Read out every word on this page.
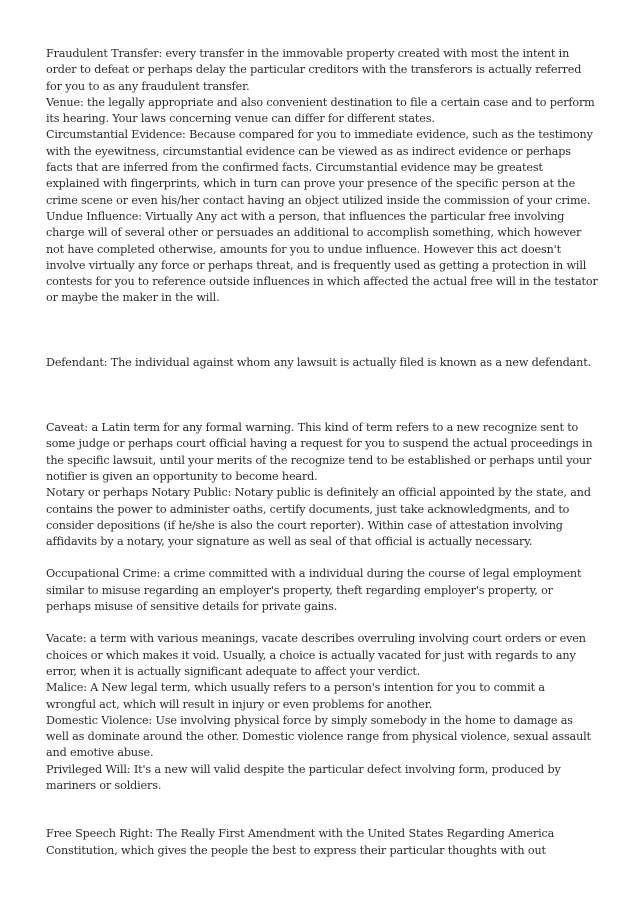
Fraudulent Transfer: every transfer in the immovable property created with most the intent in order to defeat or perhaps delay the particular creditors with the transferors is actually referred for you to as any fraudulent transfer.

Venue: the legally appropriate and also convenient destination to file a certain case and to perform its hearing. Your laws concerning venue can differ for different states.

Circumstantial Evidence: Because compared for you to immediate evidence, such as the testimony with the eyewitness, circumstantial evidence can be viewed as as indirect evidence or perhaps facts that are inferred from the confirmed facts. Circumstantial evidence may be greatest explained with fingerprints, which in turn can prove your presence of the specific person at the crime scene or even his/her contact having an object utilized inside the commission of your crime.

Undue Influence: Virtually Any act with a person, that influences the particular free involving charge will of several other or persuades an additional to accomplish something, which however not have completed otherwise, amounts for you to undue influence. However this act doesn't involve virtually any force or perhaps threat, and is frequently used as getting a protection in will contests for you to reference outside influences in which affected the actual free will in the testator or maybe the maker in the will.

Defendant: The individual against whom any lawsuit is actually filed is known as a new defendant.

Caveat: a Latin term for any formal warning. This kind of term refers to a new recognize sent to some judge or perhaps court official having a request for you to suspend the actual proceedings in the specific lawsuit, until your merits of the recognize tend to be established or perhaps until your notifier is given an opportunity to become heard.

Notary or perhaps Notary Public: Notary public is definitely an official appointed by the state, and contains the power to administer oaths, certify documents, just take acknowledgments, and to consider depositions (if he/she is also the court reporter). Within case of attestation involving affidavits by a notary, your signature as well as seal of that official is actually necessary.

Occupational Crime: a crime committed with a individual during the course of legal employment similar to misuse regarding an employer's property, theft regarding employer's property, or perhaps misuse of sensitive details for private gains.

Vacate: a term with various meanings, vacate describes overruling involving court orders or even choices or which makes it void. Usually, a choice is actually vacated for just with regards to any error, when it is actually significant adequate to affect your verdict.

Malice: A New legal term, which usually refers to a person's intention for you to commit a wrongful act, which will result in injury or even problems for another.

Domestic Violence: Use involving physical force by simply somebody in the home to damage as well as dominate around the other. Domestic violence range from physical violence, sexual assault and emotive abuse.

Privileged Will: It's a new will valid despite the particular defect involving form, produced by mariners or soldiers.

Free Speech Right: The Really First Amendment with the United States Regarding America Constitution, which gives the people the best to express their particular thoughts with out
